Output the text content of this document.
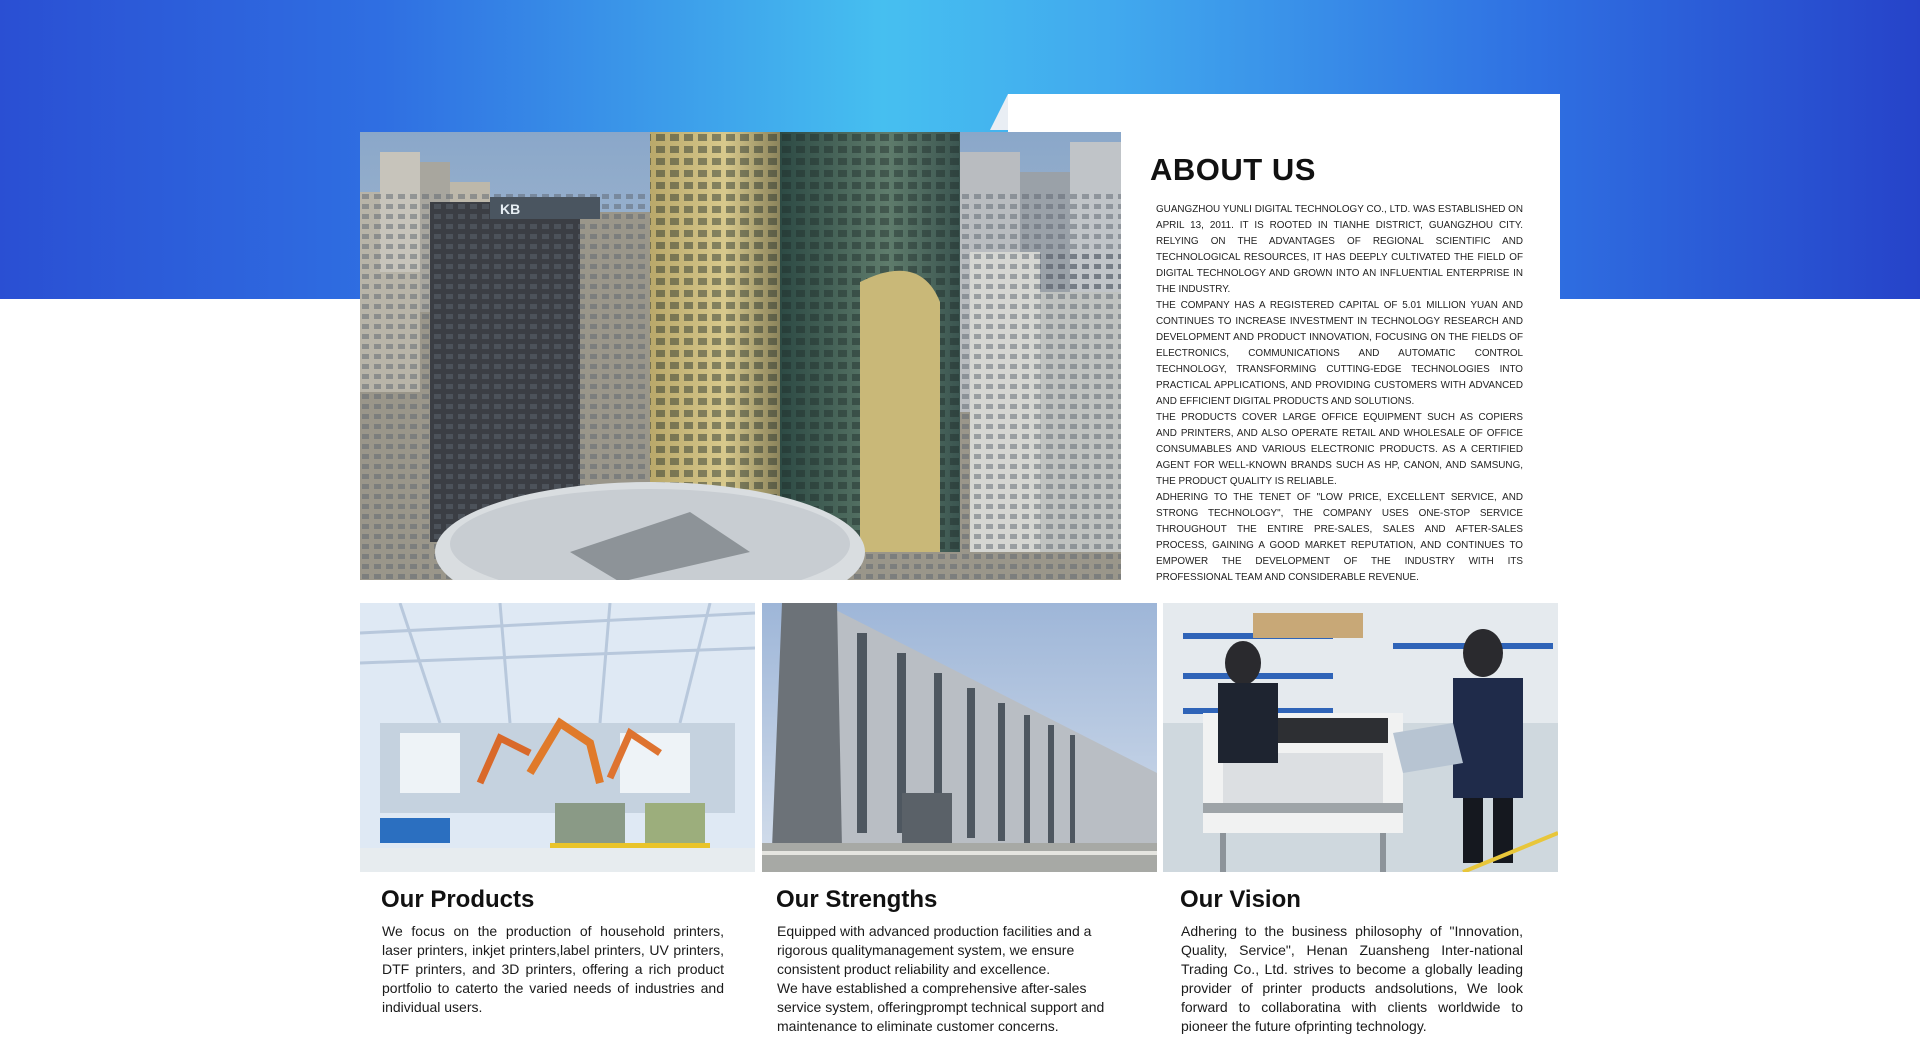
KB
ABOUT US

GUANGZHOU YUNLI DIGITAL TECHNOLOGY CO., LTD. WAS ESTABLISHED ON APRIL 13, 2011. IT IS ROOTED IN TIANHE DISTRICT, GUANGZHOU CITY. RELYING ON THE ADVANTAGES OF REGIONAL SCIENTIFIC AND TECHNOLOGICAL RESOURCES, IT HAS DEEPLY CULTIVATED THE FIELD OF DIGITAL TECHNOLOGY AND GROWN INTO AN INFLUENTIAL ENTERPRISE IN THE INDUSTRY.

THE COMPANY HAS A REGISTERED CAPITAL OF 5.01 MILLION YUAN AND CONTINUES TO INCREASE INVESTMENT IN TECHNOLOGY RESEARCH AND DEVELOPMENT AND PRODUCT INNOVATION, FOCUSING ON THE FIELDS OF ELECTRONICS, COMMUNICATIONS AND AUTOMATIC CONTROL TECHNOLOGY, TRANSFORMING CUTTING-EDGE TECHNOLOGIES INTO PRACTICAL APPLICATIONS, AND PROVIDING CUSTOMERS WITH ADVANCED AND EFFICIENT DIGITAL PRODUCTS AND SOLUTIONS.

THE PRODUCTS COVER LARGE OFFICE EQUIPMENT SUCH AS COPIERS AND PRINTERS, AND ALSO OPERATE RETAIL AND WHOLESALE OF OFFICE CONSUMABLES AND VARIOUS ELECTRONIC PRODUCTS. AS A CERTIFIED AGENT FOR WELL-KNOWN BRANDS SUCH AS HP, CANON, AND SAMSUNG, THE PRODUCT QUALITY IS RELIABLE.

ADHERING TO THE TENET OF "LOW PRICE, EXCELLENT SERVICE, AND STRONG TECHNOLOGY", THE COMPANY USES ONE-STOP SERVICE THROUGHOUT THE ENTIRE PRE-SALES, SALES AND AFTER-SALES PROCESS, GAINING A GOOD MARKET REPUTATION, AND CONTINUES TO EMPOWER THE DEVELOPMENT OF THE INDUSTRY WITH ITS PROFESSIONAL TEAM AND CONSIDERABLE REVENUE.

Our Products

We focus on the production of household printers, laser printers, inkjet printers,label printers, UV printers, DTF printers, and 3D printers, offering a rich product portfolio to caterto the varied needs of industries and individual users.

Our Strengths

Equipped with advanced production facilities and a rigorous qualitymanagement system, we ensure consistent product reliability and excellence.

We have established a comprehensive after-sales service system, offeringprompt technical support and maintenance to eliminate customer concerns.

Our Vision

Adhering to the business philosophy of "Innovation, Quality, Service", Henan Zuansheng Inter-national Trading Co., Ltd. strives to become a globally leading provider of printer products andsolutions, We look forward to collaboratina with clients worldwide to pioneer the future ofprinting technology.
